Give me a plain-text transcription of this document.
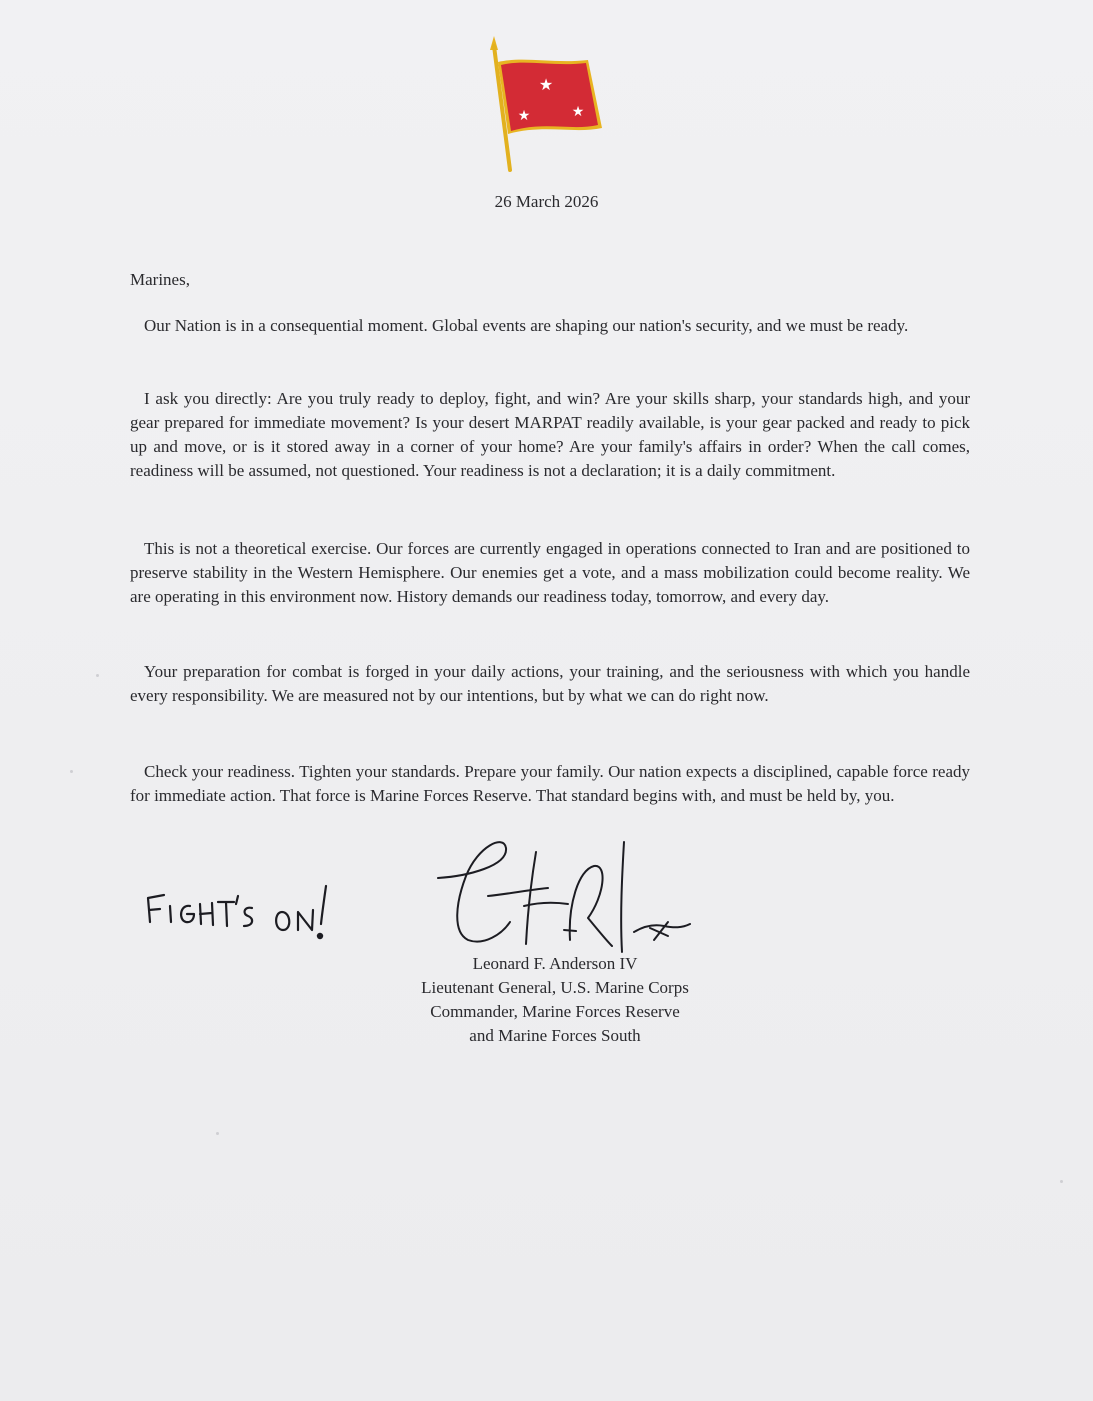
★
★	★
26 March 2026
Marines,

Our Nation is in a consequential moment. Global events are shaping our nation's security, and we must be ready.

I ask you directly: Are you truly ready to deploy, fight, and win? Are your skills sharp, your standards high, and your gear prepared for immediate movement? Is your desert MARPAT readily available, is your gear packed and ready to pick up and move, or is it stored away in a corner of your home? Are your family's affairs in order? When the call comes, readiness will be assumed, not questioned. Your readiness is not a declaration; it is a daily commitment.

This is not a theoretical exercise. Our forces are currently engaged in operations connected to Iran and are positioned to preserve stability in the Western Hemisphere. Our enemies get a vote, and a mass mobilization could become reality. We are operating in this environment now. History demands our readiness today, tomorrow, and every day.

Your preparation for combat is forged in your daily actions, your training, and the seriousness with which you handle every responsibility. We are measured not by our intentions, but by what we can do right now.

Check your readiness. Tighten your standards. Prepare your family. Our nation expects a disciplined, capable force ready for immediate action. That force is Marine Forces Reserve. That standard begins with, and must be held by, you.

Leonard F. Anderson IV
Lieutenant General, U.S. Marine Corps
Commander, Marine Forces Reserve
and Marine Forces South
